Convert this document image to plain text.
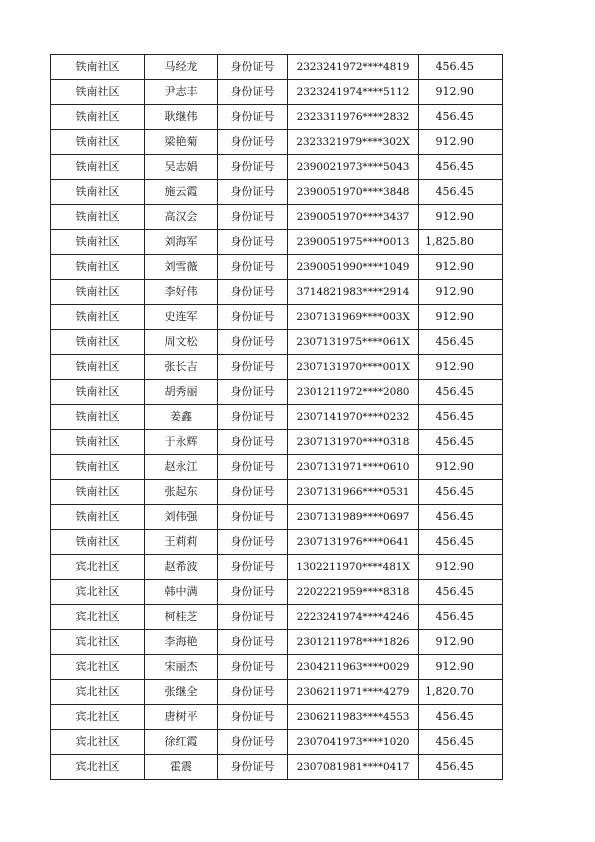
铁南社区	马经龙	身份证号	2323241972****4819	456.45
铁南社区	尹志丰	身份证号	2323241974****5112	912.90
铁南社区	耿继伟	身份证号	2323311976****2832	456.45
铁南社区	梁艳菊	身份证号	2323321979****302X	912.90
铁南社区	吴志娟	身份证号	2390021973****5043	456.45
铁南社区	施云霞	身份证号	2390051970****3848	456.45
铁南社区	高汉会	身份证号	2390051970****3437	912.90
铁南社区	刘海军	身份证号	2390051975****0013	1,825.80
铁南社区	刘雪薇	身份证号	2390051990****1049	912.90
铁南社区	李好伟	身份证号	3714821983****2914	912.90
铁南社区	史连军	身份证号	2307131969****003X	912.90
铁南社区	周文松	身份证号	2307131975****061X	456.45
铁南社区	张长吉	身份证号	2307131970****001X	912.90
铁南社区	胡秀丽	身份证号	2301211972****2080	456.45
铁南社区	姜鑫	身份证号	2307141970****0232	456.45
铁南社区	于永辉	身份证号	2307131970****0318	456.45
铁南社区	赵永江	身份证号	2307131971****0610	912.90
铁南社区	张起东	身份证号	2307131966****0531	456.45
铁南社区	刘伟强	身份证号	2307131989****0697	456.45
铁南社区	王莉莉	身份证号	2307131976****0641	456.45
宾北社区	赵希波	身份证号	1302211970****481X	912.90
宾北社区	韩中满	身份证号	2202221959****8318	456.45
宾北社区	柯桂芝	身份证号	2223241974****4246	456.45
宾北社区	李海艳	身份证号	2301211978****1826	912.90
宾北社区	宋丽杰	身份证号	2304211963****0029	912.90
宾北社区	张继全	身份证号	2306211971****4279	1,820.70
宾北社区	唐树平	身份证号	2306211983****4553	456.45
宾北社区	徐红霞	身份证号	2307041973****1020	456.45
宾北社区	霍震	身份证号	2307081981****0417	456.45
